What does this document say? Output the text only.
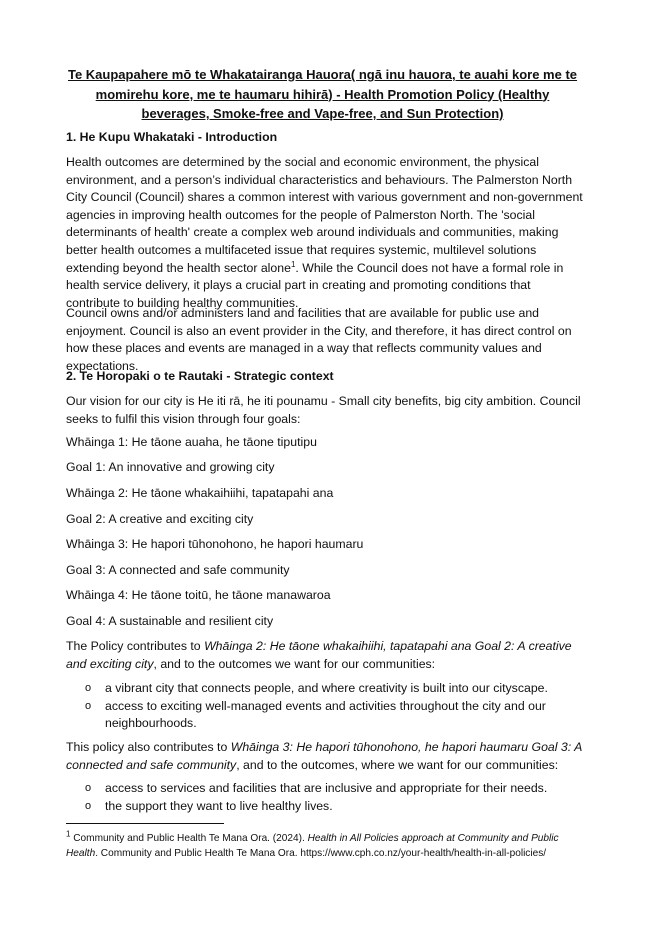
Te Kaupapahere mō te Whakatairanga Hauora( ngā inu hauora, te auahi kore me te momirehu kore, me te haumaru hihirā) - Health Promotion Policy (Healthy beverages, Smoke-free and Vape-free, and Sun Protection)
1. He Kupu Whakataki - Introduction

Health outcomes are determined by the social and economic environment, the physical environment, and a person’s individual characteristics and behaviours. The Palmerston North City Council (Council) shares a common interest with various government and non-government agencies in improving health outcomes for the people of Palmerston North. The 'social determinants of health' create a complex web around individuals and communities, making better health outcomes a multifaceted issue that requires systemic, multilevel solutions extending beyond the health sector alone$^1$. While the Council does not have a formal role in health service delivery, it plays a crucial part in creating and promoting conditions that contribute to building healthy communities.

Council owns and/or administers land and facilities that are available for public use and enjoyment. Council is also an event provider in the City, and therefore, it has direct control on how these places and events are managed in a way that reflects community values and expectations.

2. Te Horopaki o te Rautaki - Strategic context

Our vision for our city is He iti rā, he iti pounamu - Small city benefits, big city ambition. Council seeks to fulfil this vision through four goals:

Whāinga 1: He tāone auaha, he tāone tiputipu
Goal 1: An innovative and growing city
Whāinga 2: He tāone whakaihiihi, tapatapahi ana
Goal 2: A creative and exciting city
Whāinga 3: He hapori tūhonohono, he hapori haumaru
Goal 3: A connected and safe community
Whāinga 4: He tāone toitū, he tāone manawaroa
Goal 4: A sustainable and resilient city

The Policy contributes to Whāinga 2: He tāone whakaihiihi, tapatapahi ana Goal 2: A creative and exciting city, and to the outcomes we want for our communities:

o a vibrant city that connects people, and where creativity is built into our cityscape.
o access to exciting well-managed events and activities throughout the city and our neighbourhoods.

This policy also contributes to Whāinga 3: He hapori tūhonohono, he hapori haumaru Goal 3: A connected and safe community, and to the outcomes, where we want for our communities:

o access to services and facilities that are inclusive and appropriate for their needs.
o the support they want to live healthy lives.
$^1$ Community and Public Health Te Mana Ora. (2024). Health in All Policies approach at Community and Public Health. Community and Public Health Te Mana Ora. https://www.cph.co.nz/your-health/health-in-all-policies/
